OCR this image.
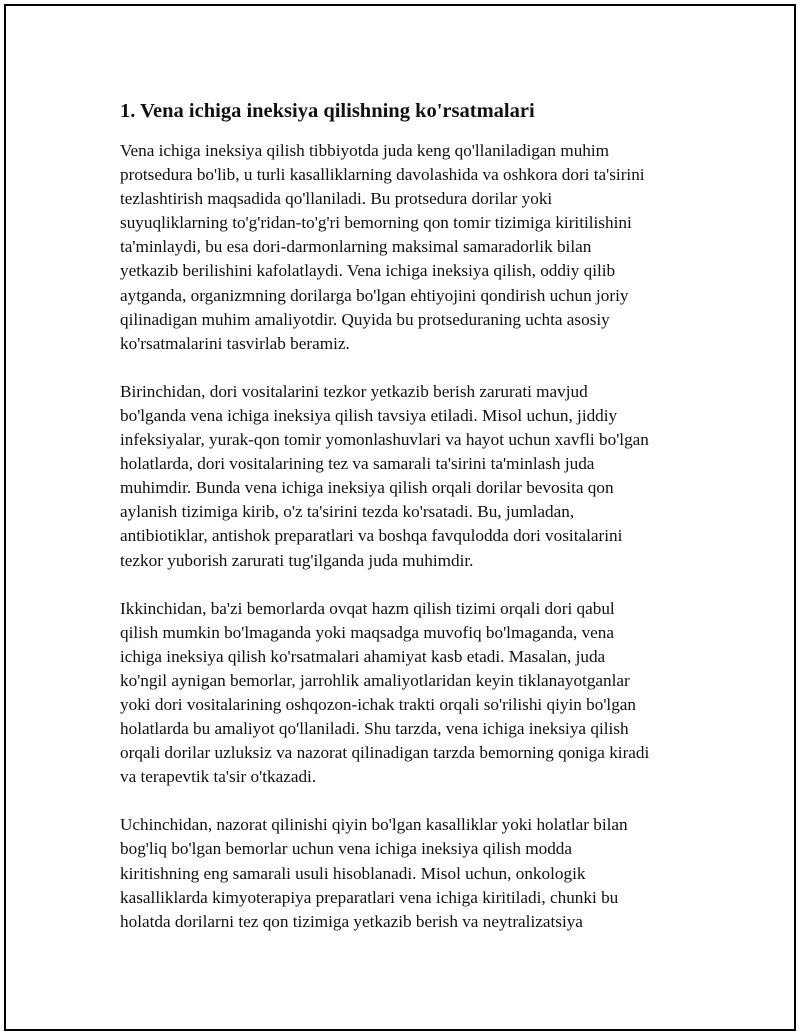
1. Vena ichiga ineksiya qilishning ko'rsatmalari

Vena ichiga ineksiya qilish tibbiyotda juda keng qo'llaniladigan muhim
protsedura bo'lib, u turli kasalliklarning davolashida va oshkora dori ta'sirini
tezlashtirish maqsadida qo'llaniladi. Bu protsedura dorilar yoki
suyuqliklarning to'g'ridan-to'g'ri bemorning qon tomir tizimiga kiritilishini
ta'minlaydi, bu esa dori-darmonlarning maksimal samaradorlik bilan
yetkazib berilishini kafolatlaydi. Vena ichiga ineksiya qilish, oddiy qilib
aytganda, organizmning dorilarga bo'lgan ehtiyojini qondirish uchun joriy
qilinadigan muhim amaliyotdir. Quyida bu protseduraning uchta asosiy
ko'rsatmalarini tasvirlab beramiz.

Birinchidan, dori vositalarini tezkor yetkazib berish zarurati mavjud
bo'lganda vena ichiga ineksiya qilish tavsiya etiladi. Misol uchun, jiddiy
infeksiyalar, yurak-qon tomir yomonlashuvlari va hayot uchun xavfli bo'lgan
holatlarda, dori vositalarining tez va samarali ta'sirini ta'minlash juda
muhimdir. Bunda vena ichiga ineksiya qilish orqali dorilar bevosita qon
aylanish tizimiga kirib, o'z ta'sirini tezda ko'rsatadi. Bu, jumladan,
antibiotiklar, antishok preparatlari va boshqa favqulodda dori vositalarini
tezkor yuborish zarurati tug'ilganda juda muhimdir.

Ikkinchidan, ba'zi bemorlarda ovqat hazm qilish tizimi orqali dori qabul
qilish mumkin bo'lmaganda yoki maqsadga muvofiq bo'lmaganda, vena
ichiga ineksiya qilish ko'rsatmalari ahamiyat kasb etadi. Masalan, juda
ko'ngil aynigan bemorlar, jarrohlik amaliyotlaridan keyin tiklanayotganlar
yoki dori vositalarining oshqozon-ichak trakti orqali so'rilishi qiyin bo'lgan
holatlarda bu amaliyot qo'llaniladi. Shu tarzda, vena ichiga ineksiya qilish
orqali dorilar uzluksiz va nazorat qilinadigan tarzda bemorning qoniga kiradi
va terapevtik ta'sir o'tkazadi.

Uchinchidan, nazorat qilinishi qiyin bo'lgan kasalliklar yoki holatlar bilan
bog'liq bo'lgan bemorlar uchun vena ichiga ineksiya qilish modda
kiritishning eng samarali usuli hisoblanadi. Misol uchun, onkologik
kasalliklarda kimyoterapiya preparatlari vena ichiga kiritiladi, chunki bu
holatda dorilarni tez qon tizimiga yetkazib berish va neytralizatsiya
